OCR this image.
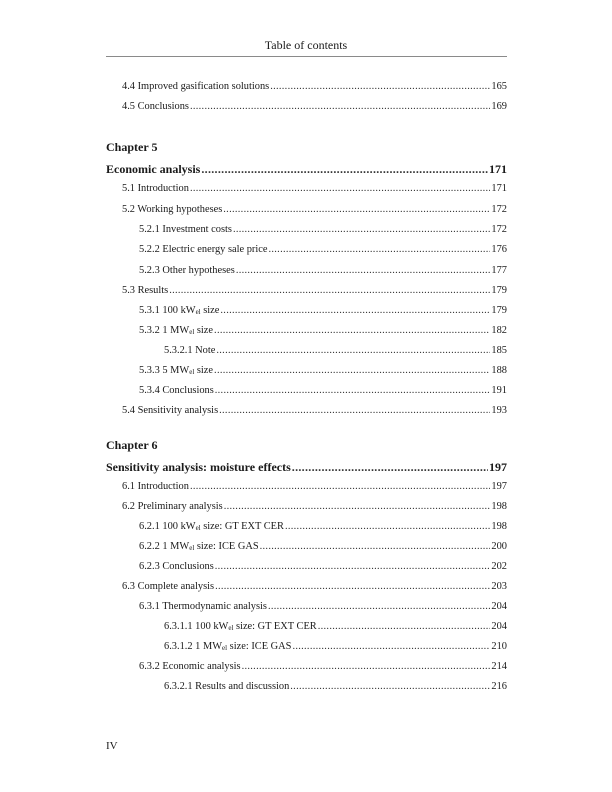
Table of contents
4.4 Improved gasification solutions .....	165
4.5 Conclusions .....	169
Chapter 5
Economic analysis .....	171
5.1 Introduction .....	171
5.2 Working hypotheses .....	172
5.2.1 Investment costs .....	172
5.2.2 Electric energy sale price .....	176
5.2.3 Other hypotheses .....	177
5.3 Results .....	179
5.3.1 100 $kW_{el}$ size .....	179
5.3.2 1 $MW_{el}$ size .....	182
5.3.2.1 Note .....	185
5.3.3 5 $MW_{el}$ size .....	188
5.3.4 Conclusions .....	191
5.4 Sensitivity analysis .....	193
Chapter 6
Sensitivity analysis: moisture effects .....	197
6.1 Introduction .....	197
6.2 Preliminary analysis .....	198
6.2.1 100 $kW_{el}$ size: GT EXT CER .....	198
6.2.2 1 $MW_{el}$ size: ICE GAS .....	200
6.2.3 Conclusions .....	202
6.3 Complete analysis .....	203
6.3.1 Thermodynamic analysis .....	204
6.3.1.1 100 $kW_{el}$ size: GT EXT CER .....	204
6.3.1.2 1 $MW_{el}$ size: ICE GAS .....	210
6.3.2 Economic analysis .....	214
6.3.2.1 Results and discussion .....	216
IV
